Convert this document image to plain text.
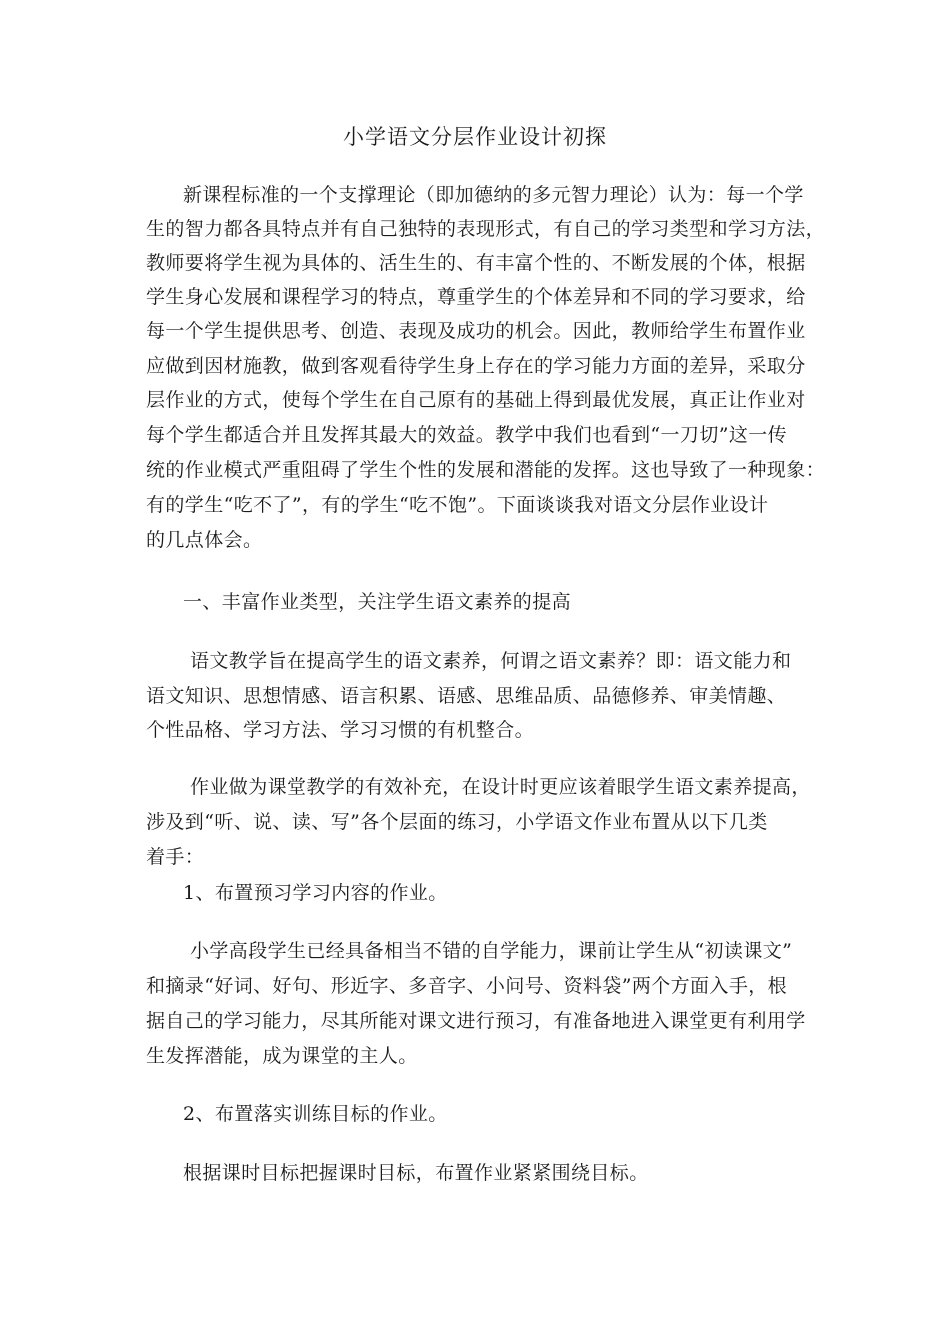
小学语文分层作业设计初探
新课程标准的一个支撑理论（即加德纳的多元智力理论）认为：每一个学
生的智力都各具特点并有自己独特的表现形式，有自己的学习类型和学习方法，
教师要将学生视为具体的、活生生的、有丰富个性的、不断发展的个体，根据
学生身心发展和课程学习的特点，尊重学生的个体差异和不同的学习要求，给
每一个学生提供思考、创造、表现及成功的机会。因此，教师给学生布置作业
应做到因材施教，做到客观看待学生身上存在的学习能力方面的差异，采取分
层作业的方式，使每个学生在自己原有的基础上得到最优发展，真正让作业对
每个学生都适合并且发挥其最大的效益。教学中我们也看到“一刀切”这一传
统的作业模式严重阻碍了学生个性的发展和潜能的发挥。这也导致了一种现象：
有的学生“吃不了”，有的学生“吃不饱”。下面谈谈我对语文分层作业设计
的几点体会。
一、丰富作业类型，关注学生语文素养的提高
语文教学旨在提高学生的语文素养，何谓之语文素养？即：语文能力和
语文知识、思想情感、语言积累、语感、思维品质、品德修养、审美情趣、
个性品格、学习方法、学习习惯的有机整合。
作业做为课堂教学的有效补充，在设计时更应该着眼学生语文素养提高，
涉及到“听、说、读、写”各个层面的练习，小学语文作业布置从以下几类
着手：
1、布置预习学习内容的作业。
小学高段学生已经具备相当不错的自学能力，课前让学生从“初读课文”
和摘录“好词、好句、形近字、多音字、小问号、资料袋”两个方面入手，根
据自己的学习能力，尽其所能对课文进行预习，有准备地进入课堂更有利用学
生发挥潜能，成为课堂的主人。
2、布置落实训练目标的作业。
根据课时目标把握课时目标，布置作业紧紧围绕目标。
